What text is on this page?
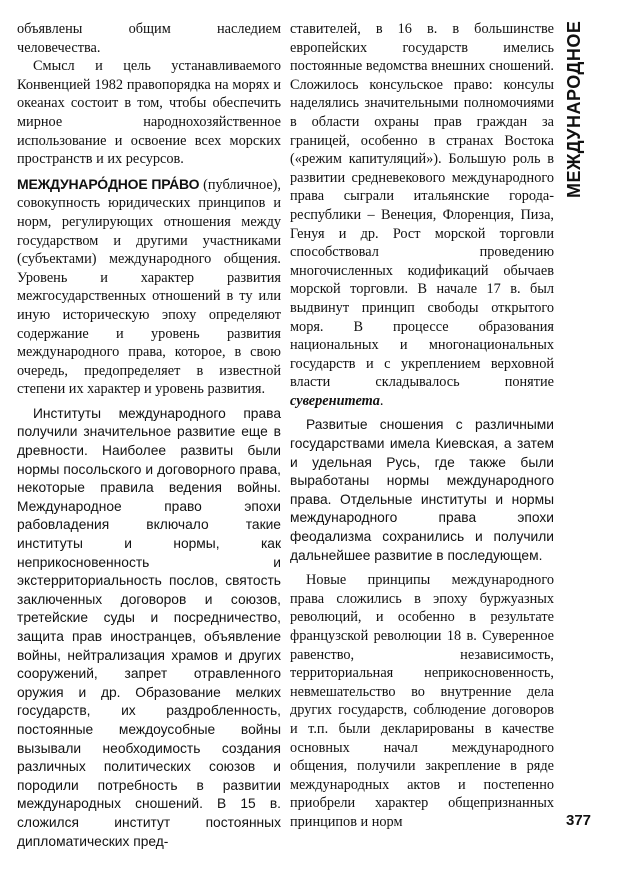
объявлены общим наследием человечества.

Смысл и цель устанавливаемого Конвенцией 1982 правопорядка на морях и океанах состоит в том, чтобы обеспечить мирное народнохозяйственное использование и освоение всех морских пространств и их ресурсов.

МЕЖДУНАРО́ДНОЕ ПРА́ВО (публичное), совокупность юридических принципов и норм, регулирующих отношения между государством и другими участниками (субъектами) международного общения. Уровень и характер развития межгосударственных отношений в ту или иную историческую эпоху определяют содержание и уровень развития международного права, которое, в свою очередь, предопределяет в известной степени их характер и уровень развития.

Институты международного права получили значительное развитие еще в древности. Наиболее развиты были нормы посольского и договорного права, некоторые правила ведения войны. Международное право эпохи рабовладения включало такие институты и нормы, как неприкосновенность и экстерриториальность послов, святость заключенных договоров и союзов, третейские суды и посредничество, защита прав иностранцев, объявление войны, нейтрализация храмов и других сооружений, запрет отравленного оружия и др. Образование мелких государств, их раздробленность, постоянные междоусобные войны вызывали необходимость создания различных политических союзов и породили потребность в развитии международных сношений. В 15 в. сложился институт постоянных дипломатических пред-

ставителей, в 16 в. в большинстве европейских государств имелись постоянные ведомства внешних сношений. Сложилось консульское право: консулы наделялись значительными полномочиями в области охраны прав граждан за границей, особенно в странах Востока («режим капитуляций»). Большую роль в развитии средневекового международного права сыграли итальянские города-республики – Венеция, Флоренция, Пиза, Генуя и др. Рост морской торговли способствовал проведению многочисленных кодификаций обычаев морской торговли. В начале 17 в. был выдвинут принцип свободы открытого моря. В процессе образования национальных и многонациональных государств и с укреплением верховной власти складывалось понятие суверенитета.

Развитые сношения с различными государствами имела Киевская, а затем и удельная Русь, где также были выработаны нормы международного права. Отдельные институты и нормы международного права эпохи феодализма сохранились и получили дальнейшее развитие в последующем.

Новые принципы международного права сложились в эпоху буржуазных революций, и особенно в результате французской революции 18 в. Суверенное равенство, независимость, территориальная неприкосновенность, невмешательство во внутренние дела других государств, соблюдение договоров и т.п. были декларированы в качестве основных начал международного общения, получили закрепление в ряде международных актов и постепенно приобрели характер общепризнанных принципов и норм

МЕЖДУНАРОДНОЕ
377
